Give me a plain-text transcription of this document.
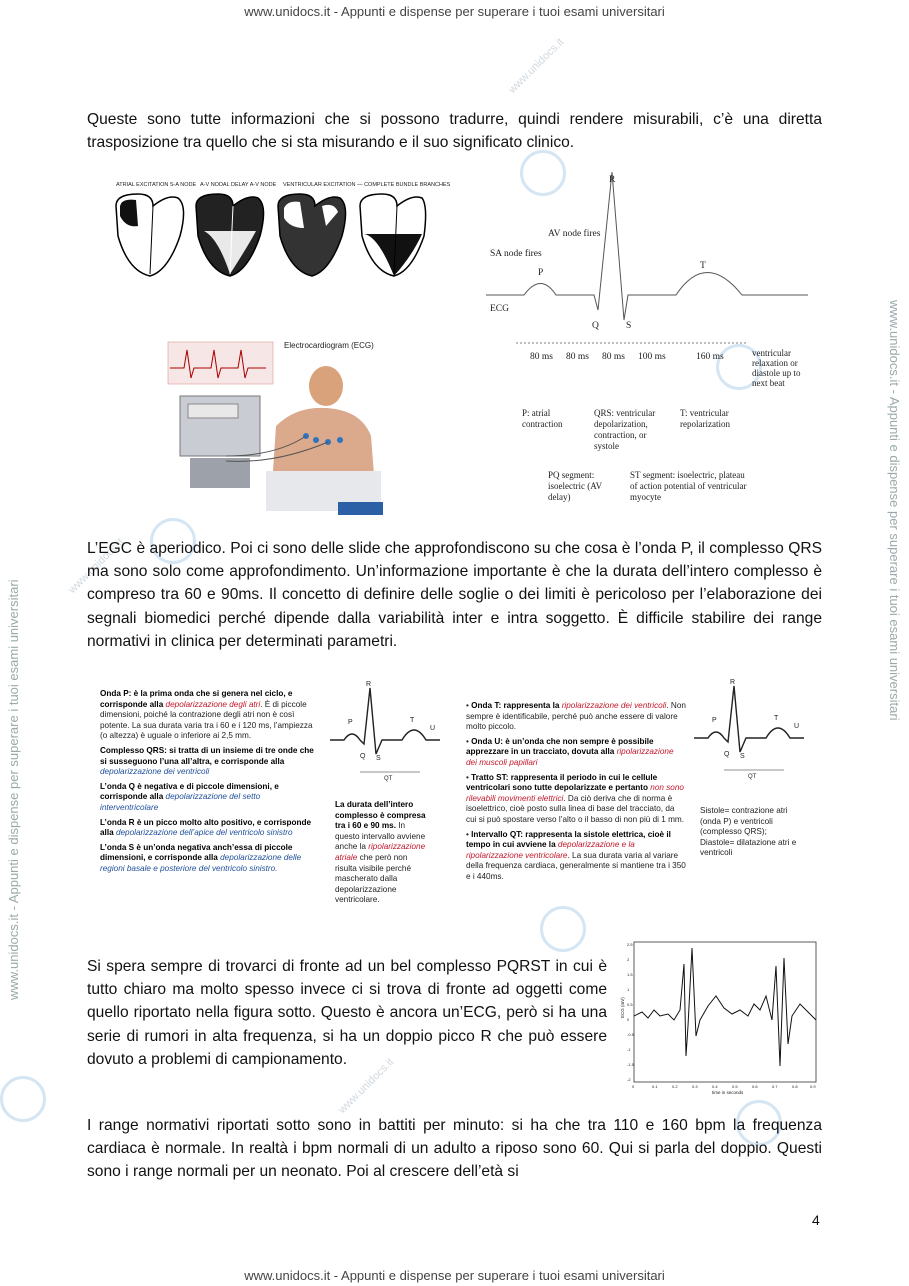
www.unidocs.it - Appunti e dispense per superare i tuoi esami universitari
www.unidocs.it - Appunti e dispense per superare i tuoi esami universitari
www.unidocs.it - Appunti e dispense per superare i tuoi esami universitari
www.unidocs.it - Appunti e dispense per superare i tuoi esami universitari
www.unidocs.it
www.unidocs.it
www.unidocs.it

Queste sono tutte informazioni che si possono tradurre, quindi rendere misurabili, c’è una diretta trasposizione tra quello che si sta misurando e il suo significato clinico.

ATRIAL EXCITATION S-A NODE A-V NODAL DELAY A-V NODE VENTRICULAR EXCITATION — COMPLETE BUNDLE BRANCHES
Electrocardiogram (ECG)
R
P
Q	S
T
AV node fires
SA node fires
ECG
80 ms 80 ms 80 ms 100 ms	160 ms	ventricular relaxation or diastole up to next beat
P: atrial contraction
QRS: ventricular depolarization, contraction, or systole
T: ventricular repolarization
PQ segment: isoelectric (AV delay)
ST segment: isoelectric, plateau of action potential of ventricular myocyte

L’EGC è aperiodico. Poi ci sono delle slide che approfondiscono su che cosa è l’onda P, il complesso QRS ma sono solo come approfondimento. Un’informazione importante è che la durata dell’intero complesso è compreso tra 60 e 90ms. Il concetto di definire delle soglie o dei limiti è pericoloso per l’elaborazione dei segnali biomedici perché dipende dalla variabilità inter e intra soggetto. È difficile stabilire dei range normativi in clinica per determinati parametri.

Onda P: è la prima onda che si genera nel ciclo, e corrisponde alla depolarizzazione degli atri. È di piccole dimensioni, poiché la contrazione degli atri non è così potente. La sua durata varia tra i 60 e i 120 ms, l’ampiezza (o altezza) è uguale o inferiore ai 2,5 mm.

Complesso QRS: si tratta di un insieme di tre onde che si susseguono l’una all’altra, e corrisponde alla depolarizzazione dei ventricoli

L’onda Q è negativa e di piccole dimensioni, e corrisponde alla depolarizzazione del setto interventricolare

L’onda R è un picco molto alto positivo, e corrisponde alla depolarizzazione dell’apice del ventricolo sinistro

L’onda S è un’onda negativa anch’essa di piccole dimensioni, e corrisponde alla depolarizzazione delle regioni basale e posteriore del ventricolo sinistro.

R
P
Q S
T
U
QT
La durata dell’intero complesso è compresa tra i 60 e 90 ms. In questo intervallo avviene anche la ripolarizzazione atriale che però non risulta visibile perché mascherato dalla depolarizzazione ventricolare.

• Onda T: rappresenta la ripolarizzazione dei ventricoli. Non sempre è identificabile, perché può anche essere di valore molto piccolo.

• Onda U: è un’onda che non sempre è possibile apprezzare in un tracciato, dovuta alla ripolarizzazione dei muscoli papillari

• Tratto ST: rappresenta il periodo in cui le cellule ventricolari sono tutte depolarizzate e pertanto non sono rilevabili movimenti elettrici. Da ciò deriva che di norma è isoelettrico, cioè posto sulla linea di base del tracciato, da cui si può spostare verso l’alto o il basso di non più di 1 mm.

• Intervallo QT: rappresenta la sistole elettrica, cioè il tempo in cui avviene la depolarizzazione e la ripolarizzazione ventricolare. La sua durata varia al variare della frequenza cardiaca, generalmente si mantiene tra i 350 e i 440ms.

R
P
Q S
T
U
QT

Sistole= contrazione atri (onda P) e ventricoli (complesso QRS);

Diastole= dilatazione atri e ventricoli

Si spera sempre di trovarci di fronte ad un bel complesso PQRST in cui è tutto chiaro ma molto spesso invece ci si trova di fronte ad oggetti come quello riportato nella figura sotto. Questo è ancora un’ECG, però si ha una serie di rumori in alta frequenza, si ha un doppio picco R che può essere dovuto a problemi di campionamento.

ECG (mV)
time in seconds
0	0.1	0.2	0.3	0.4	0.5	0.6	0.7	0.8	0.9
2.5
2
1.5
1
0.5
0
-0.5
-1
-1.5
-2

I range normativi riportati sotto sono in battiti per minuto: si ha che tra 110 e 160 bpm la frequenza cardiaca è normale. In realtà i bpm normali di un adulto a riposo sono 60. Qui si parla del doppio. Questi sono i range normali per un neonato. Poi al crescere dell’età si

4
